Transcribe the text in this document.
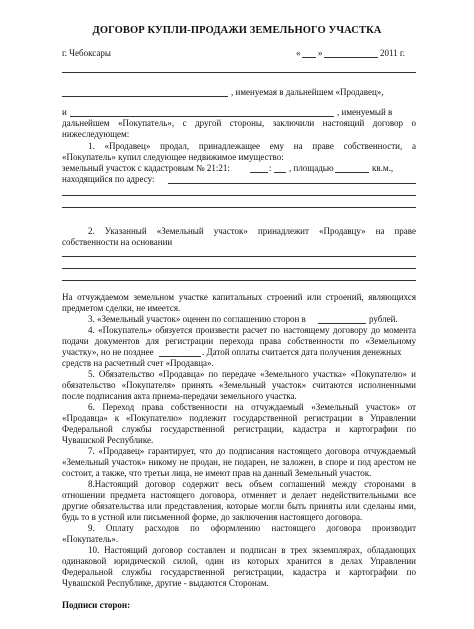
ДОГОВОР КУПЛИ-ПРОДАЖИ ЗЕМЕЛЬНОГО УЧАСТКА
г. Чебоксары	« »	2011 г.
, именуемая в дальнейшем «Продавец»,
и	, именуемый в
дальнейшем «Покупатель», с другой стороны, заключили настоящий договор о
нижеследующем:
1. «Продавец» продал, принадлежащее ему на праве собственности, а
«Покупатель» купил следующее недвижимое имущество:
земельный участок с кадастровым № 21:21:	: , площадью	кв.м.,
находящийся по адресу:
2. Указанный «Земельный участок» принадлежит «Продавцу» на праве
собственности на основании
На отчуждаемом земельном участке капитальных строений или строений, являющихся
предметом сделки, не имеется.
3. «Земельный участок» оценен по соглашению сторон в	рублей.
4. «Покупатель» обязуется произвести расчет по настоящему договору до момента
подачи документов для регистрации перехода права собственности по «Земельному
участку», но не позднее	. Датой оплаты считается дата получения денежных
средств на расчетный счет «Продавца».
5. Обязательство «Продавца» по передаче «Земельного участка» «Покупателю» и
обязательство «Покупателя» принять «Земельный участок» считаются исполненными
после подписания акта приема-передачи земельного участка.
6. Переход права собственности на отчуждаемый «Земельный участок» от
«Продавца» к «Покупателю» подлежит государственной регистрации в Управлении
Федеральной службы государственной регистрации, кадастра и картографии по
Чувашской Республике.
7. «Продавец» гарантирует, что до подписания настоящего договора отчуждаемый
«Земельный участок» никому не продан, не подарен, не заложен, в споре и под арестом не
состоит, а также, что третьи лица, не имеют прав на данный Земельный участок.
8.Настоящий договор содержит весь объем соглашений между сторонами в
отношении предмета настоящего договора, отменяет и делает недействительными все
другие обязательства или представления, которые могли быть приняты или сделаны ими,
будь то в устной или письменной форме, до заключения настоящего договора.
9. Оплату расходов по оформлению настоящего договора производит
«Покупатель».
10. Настоящий договор составлен и подписан в трех экземплярах, обладающих
одинаковой юридической силой, один из которых хранится в делах Управлении
Федеральной службы государственной регистрации, кадастра и картографии по
Чувашской Республике, другие - выдаются Сторонам.
Подписи сторон:
